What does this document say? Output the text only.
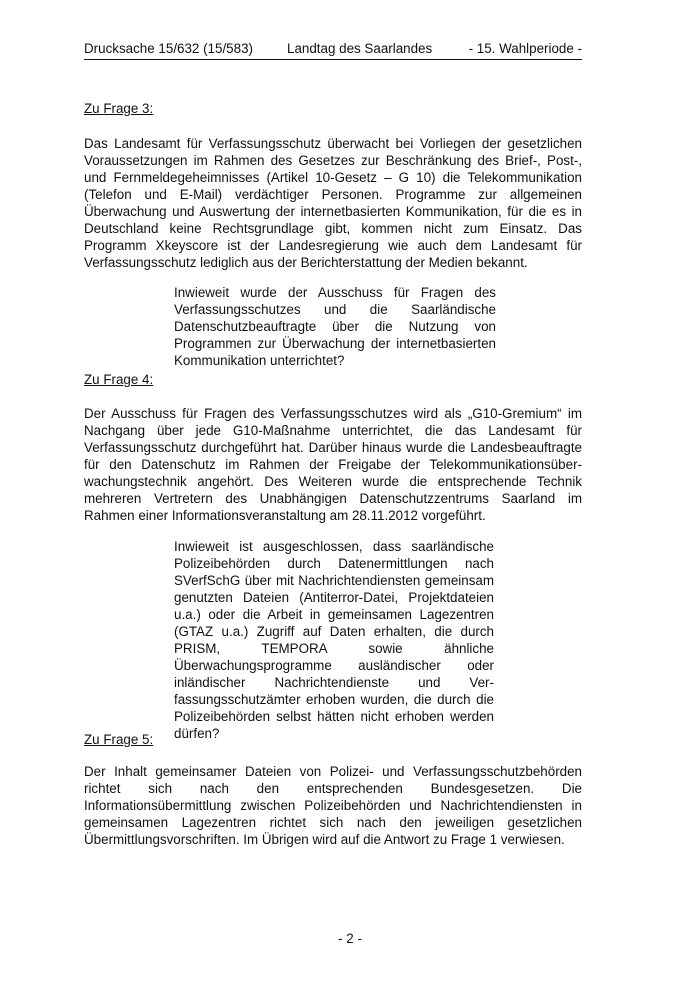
Drucksache 15/632 (15/583)	Landtag des Saarlandes	- 15. Wahlperiode -
Zu Frage 3:

Das Landesamt für Verfassungsschutz überwacht bei Vorliegen der gesetzlichen Voraussetzungen im Rahmen des Gesetzes zur Beschränkung des Brief-, Post-, und Fernmeldegeheimnisses (Artikel 10-Gesetz – G 10) die Telekommunikation (Telefon und E-Mail) verdächtiger Personen. Programme zur allgemeinen Überwachung und Auswertung der internetbasierten Kommunikation, für die es in Deutschland keine Rechtsgrundlage gibt, kommen nicht zum Einsatz. Das Programm Xkeyscore ist der Landesregierung wie auch dem Landesamt für Verfassungsschutz lediglich aus der Berichterstattung der Medien bekannt.

Inwieweit wurde der Ausschuss für Fragen des Verfassungsschutzes und die Saarländische Datenschutzbeauftragte über die Nutzung von Programmen zur Überwachung der internetbasierten Kommunikation unterrichtet?

Zu Frage 4:

Der Ausschuss für Fragen des Verfassungsschutzes wird als „G10-Gremium“ im Nachgang über jede G10-Maßnahme unterrichtet, die das Landesamt für Verfassungsschutz durchgeführt hat. Darüber hinaus wurde die Landesbeauftragte für den Datenschutz im Rahmen der Freigabe der Telekommunikationsüberwachungstechnik angehört. Des Weiteren wurde die entsprechende Technik mehreren Vertretern des Unabhängigen Datenschutzzentrums Saarland im Rahmen einer Informationsveranstaltung am 28.11.2012 vorgeführt.

Inwieweit ist ausgeschlossen, dass saarländische Polizeibehörden durch Datenermittlungen nach SVerfSchG über mit Nachrichtendiensten gemeinsam genutzten Dateien (Antiterror-Datei, Projektdateien u.a.) oder die Arbeit in gemeinsamen Lagezentren (GTAZ u.a.) Zugriff auf Daten erhalten, die durch PRISM, TEMPORA sowie ähnliche Überwachungsprogramme ausländischer oder inländischer Nachrichtendienste und Verfassungsschutzämter erhoben wurden, die durch die Polizeibehörden selbst hätten nicht erhoben werden dürfen?

Zu Frage 5:

Der Inhalt gemeinsamer Dateien von Polizei- und Verfassungsschutzbehörden richtet sich nach den entsprechenden Bundesgesetzen. Die Informationsübermittlung zwischen Polizeibehörden und Nachrichtendiensten in gemeinsamen Lagezentren richtet sich nach den jeweiligen gesetzlichen Übermittlungsvorschriften. Im Übrigen wird auf die Antwort zu Frage 1 verwiesen.

- 2 -
